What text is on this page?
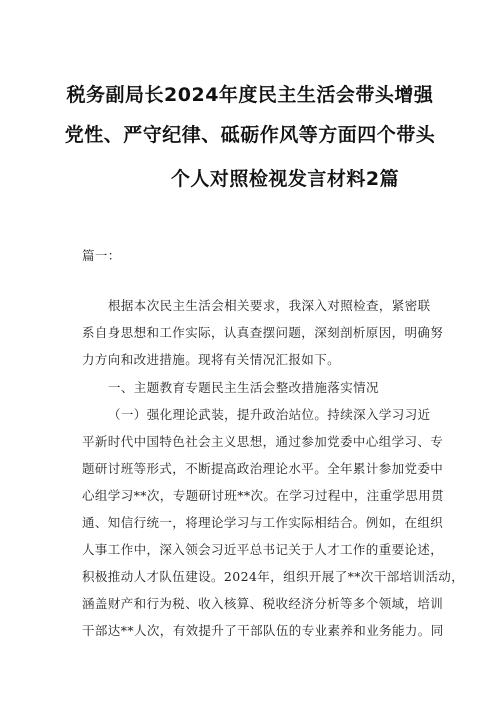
税务副局长2024年度民主生活会带头增强
党性、严守纪律、砥砺作风等方面四个带头
个人对照检视发言材料2篇
篇一：
根据本次民主生活会相关要求，我深入对照检查，紧密联
系自身思想和工作实际，认真查摆问题，深刻剖析原因，明确努
力方向和改进措施。现将有关情况汇报如下。
一、主题教育专题民主生活会整改措施落实情况
（一）强化理论武装，提升政治站位。持续深入学习习近
平新时代中国特色社会主义思想，通过参加党委中心组学习、专
题研讨班等形式，不断提高政治理论水平。全年累计参加党委中
心组学习**次，专题研讨班**次。在学习过程中，注重学思用贯
通、知信行统一，将理论学习与工作实际相结合。例如，在组织
人事工作中，深入领会习近平总书记关于人才工作的重要论述，
积极推动人才队伍建设。2024年，组织开展了**次干部培训活动，
涵盖财产和行为税、收入核算、税收经济分析等多个领域，培训
干部达**人次，有效提升了干部队伍的专业素养和业务能力。同
